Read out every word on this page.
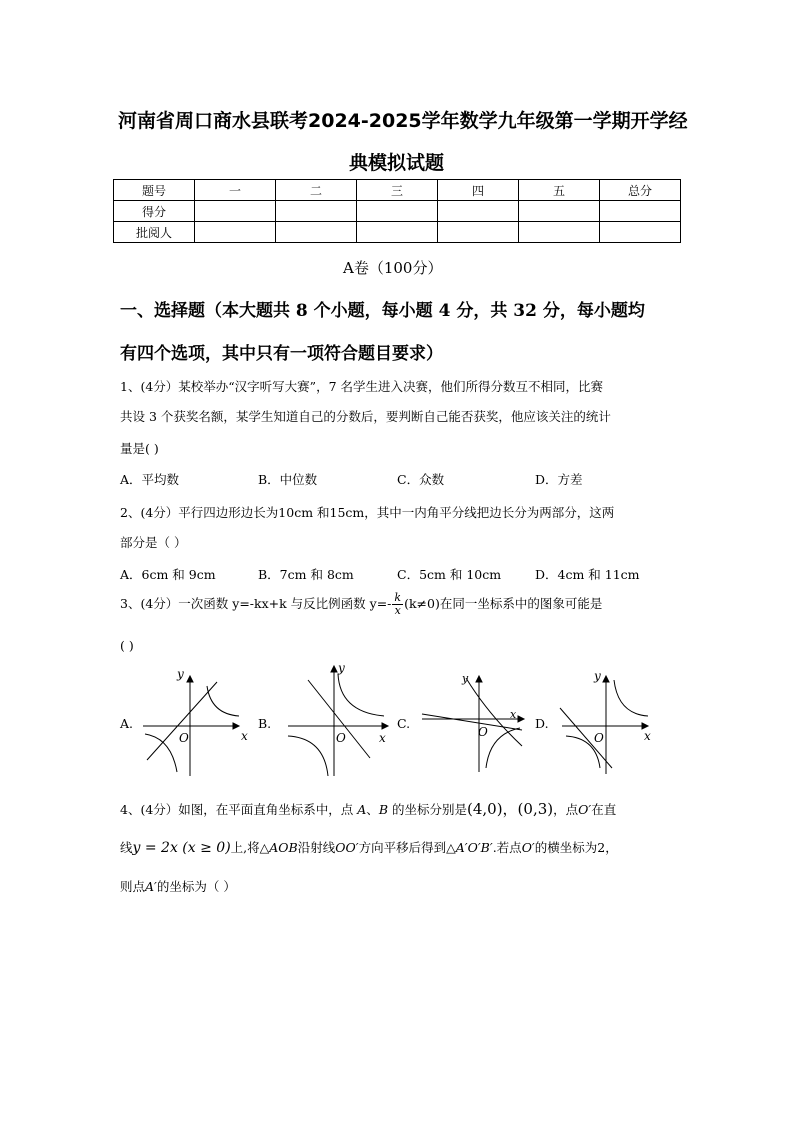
河南省周口商水县联考2024-2025学年数学九年级第一学期开学经
典模拟试题
题号	一	二	三	四	五	总分
得分						
批阅人						
A卷（100分）
一、选择题（本大题共 8 个小题，每小题 4 分，共 32 分，每小题均
有四个选项，其中只有一项符合题目要求）
1、(4分）某校举办“汉字听写大赛”，7 名学生进入决赛，他们所得分数互不相同，比赛
共设 3 个获奖名额，某学生知道自己的分数后，要判断自己能否获奖，他应该关注的统计
量是( )
A．平均数	B．中位数	C．众数	D．方差
2、(4分）平行四边形边长为10cm 和15cm，其中一内角平分线把边长分为两部分，这两
部分是（ ）
A．6cm 和 9cm	B．7cm 和 8cm	C．5cm 和 10cm	D．4cm 和 11cm
3、(4分）一次函数 y=-kx+k 与反比例函数 $y=- \frac{k}{x} (k\ne 0)$在同一坐标系中的图象可能是
( )
A.	B.	C.	D.
x
y
O	x
y
O
x
y
O	x
y
O
4、(4分）如图，在平面直角坐标系中，点 A、B 的坐标分别是(4,0)，(0,3)，点O′在直
线y = 2x (x ≥ 0)上,将△AOB沿射线OO′方向平移后得到△A′O′B′.若点O′的横坐标为2，
则点A′的坐标为（ ）
